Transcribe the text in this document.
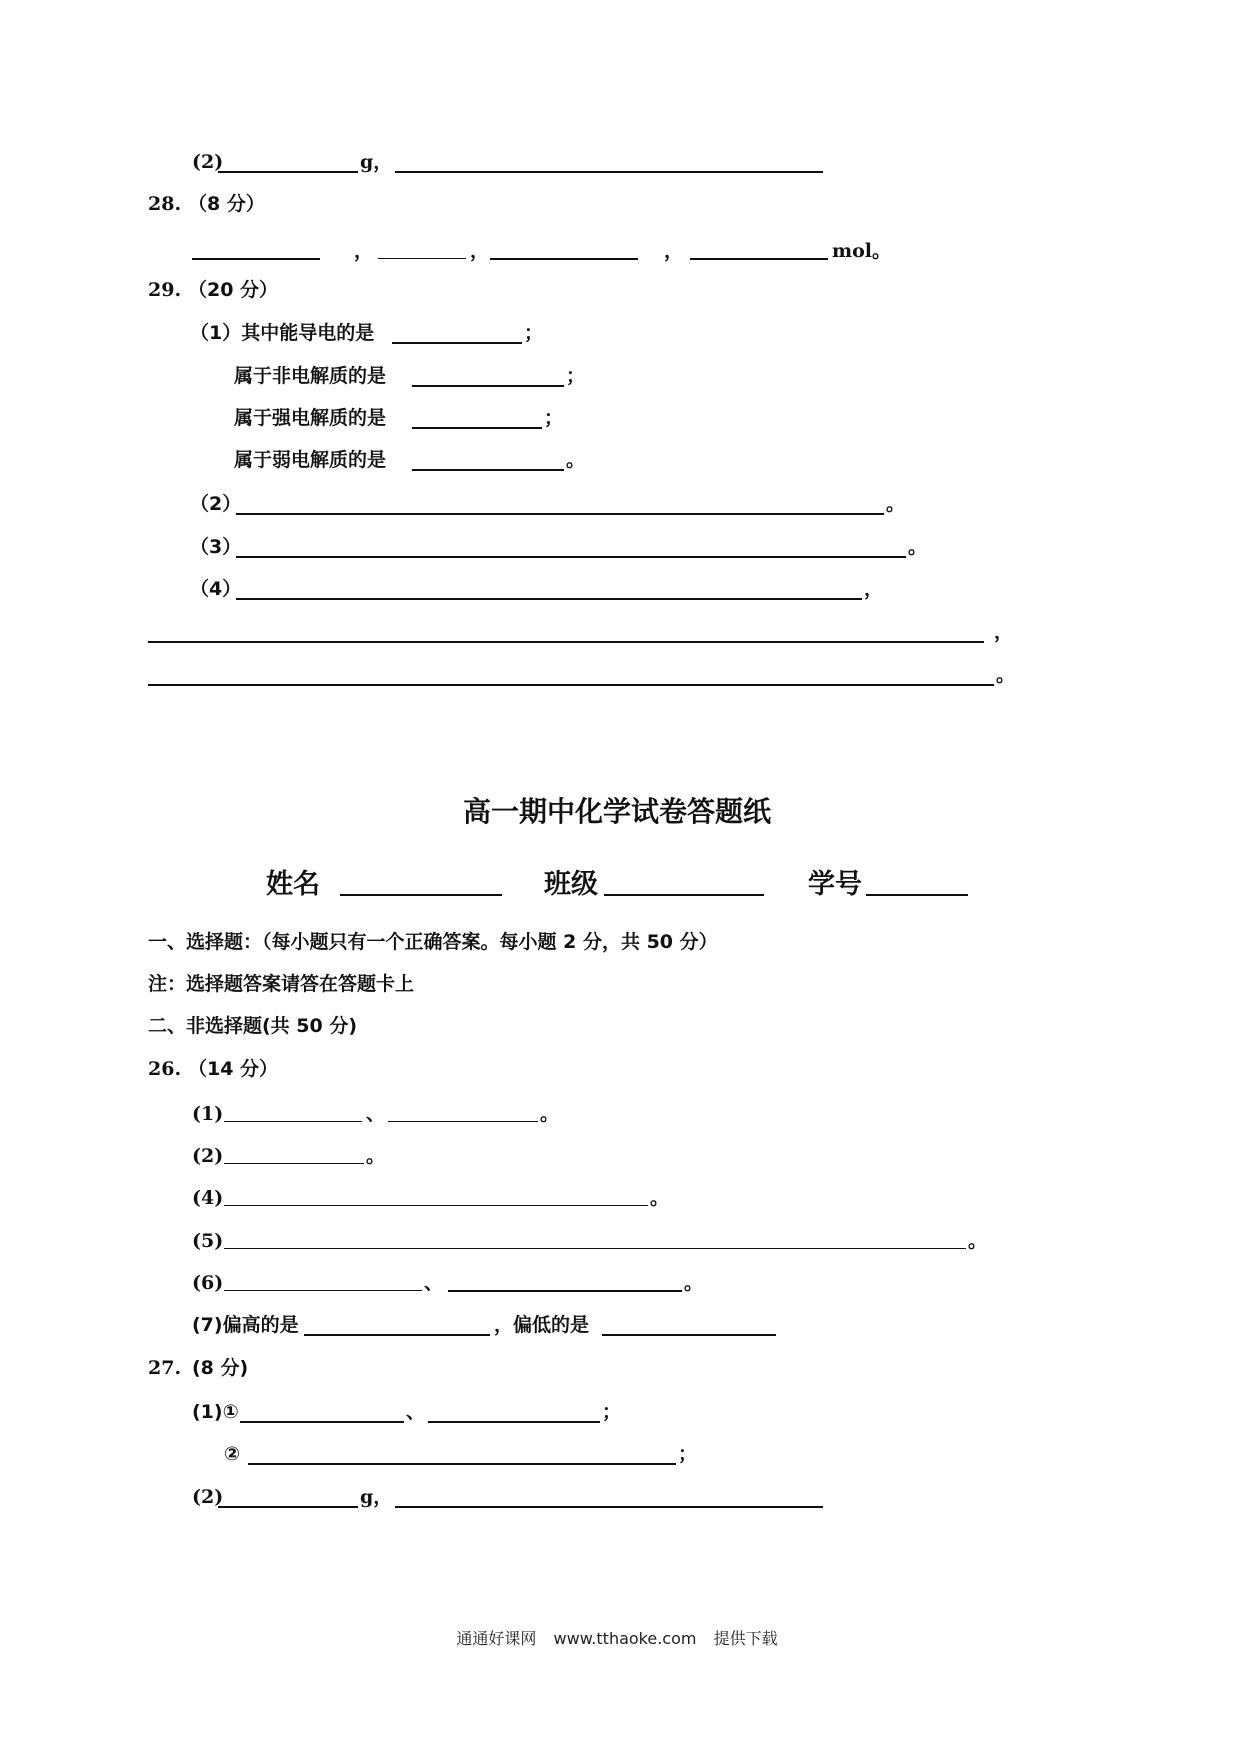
(2)	g，
28. （8 分）
，	，	，	mol。
29. （20 分）
（1）其中能导电的是	；
属于非电解质的是	；
属于强电解质的是	；
属于弱电解质的是	。
（2）	。
（3）	。
（4）	，
，
。
高一期中化学试卷答题纸
姓名	班级	学号
一、选择题：（每小题只有一个正确答案。每小题 2 分，共 50 分）
注：选择题答案请答在答题卡上
二、非选择题(共 50 分)
26. （14 分）
(1)	、	。
(2)	。
(4)	。
(5)	。
(6)	、	。
(7)偏高的是	，偏低的是
27. (8 分)
(1)①	、	；
②	；
(2)	g，
通通好课网 www.tthaoke.com 提供下载
